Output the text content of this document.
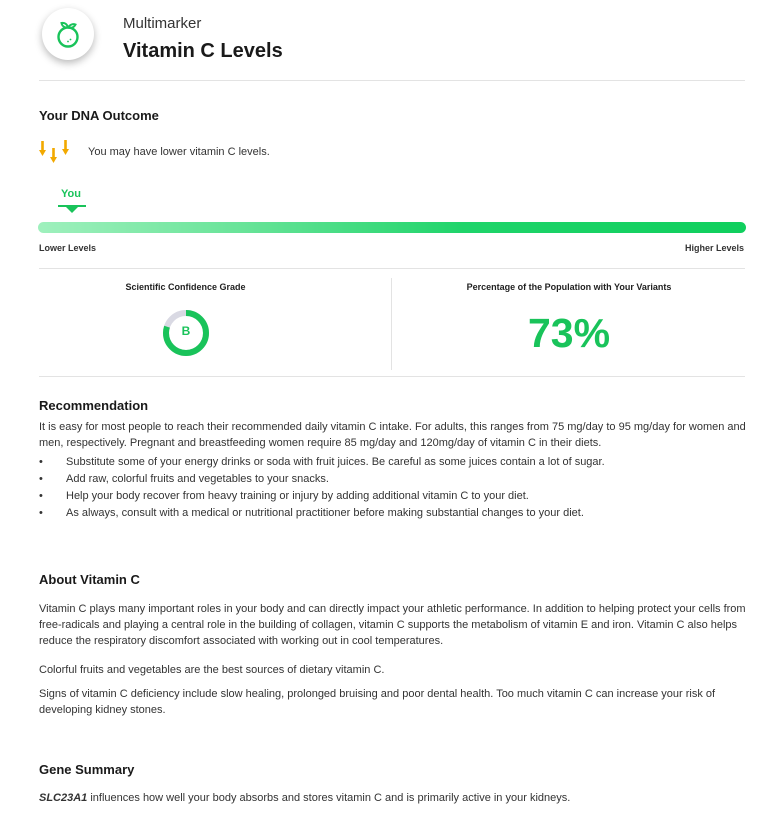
Multimarker
Vitamin C Levels
Your DNA Outcome
You may have lower vitamin C levels.
You
Lower Levels	Higher Levels
Scientific Confidence Grade
B
Percentage of the Population with Your Variants
73%
Recommendation
It is easy for most people to reach their recommended daily vitamin C intake. For adults, this ranges from 75 mg/day to 95 mg/day for women and men, respectively. Pregnant and breastfeeding women require 85 mg/day and 120mg/day of vitamin C in their diets.
• Substitute some of your energy drinks or soda with fruit juices. Be careful as some juices contain a lot of sugar.
• Add raw, colorful fruits and vegetables to your snacks.
• Help your body recover from heavy training or injury by adding additional vitamin C to your diet.
• As always, consult with a medical or nutritional practitioner before making substantial changes to your diet.
About Vitamin C
Vitamin C plays many important roles in your body and can directly impact your athletic performance. In addition to helping protect your cells from free-radicals and playing a central role in the building of collagen, vitamin C supports the metabolism of vitamin E and iron. Vitamin C also helps reduce the respiratory discomfort associated with working out in cool temperatures.
Colorful fruits and vegetables are the best sources of dietary vitamin C.
Signs of vitamin C deficiency include slow healing, prolonged bruising and poor dental health. Too much vitamin C can increase your risk of developing kidney stones.
Gene Summary
SLC23A1 influences how well your body absorbs and stores vitamin C and is primarily active in your kidneys.
